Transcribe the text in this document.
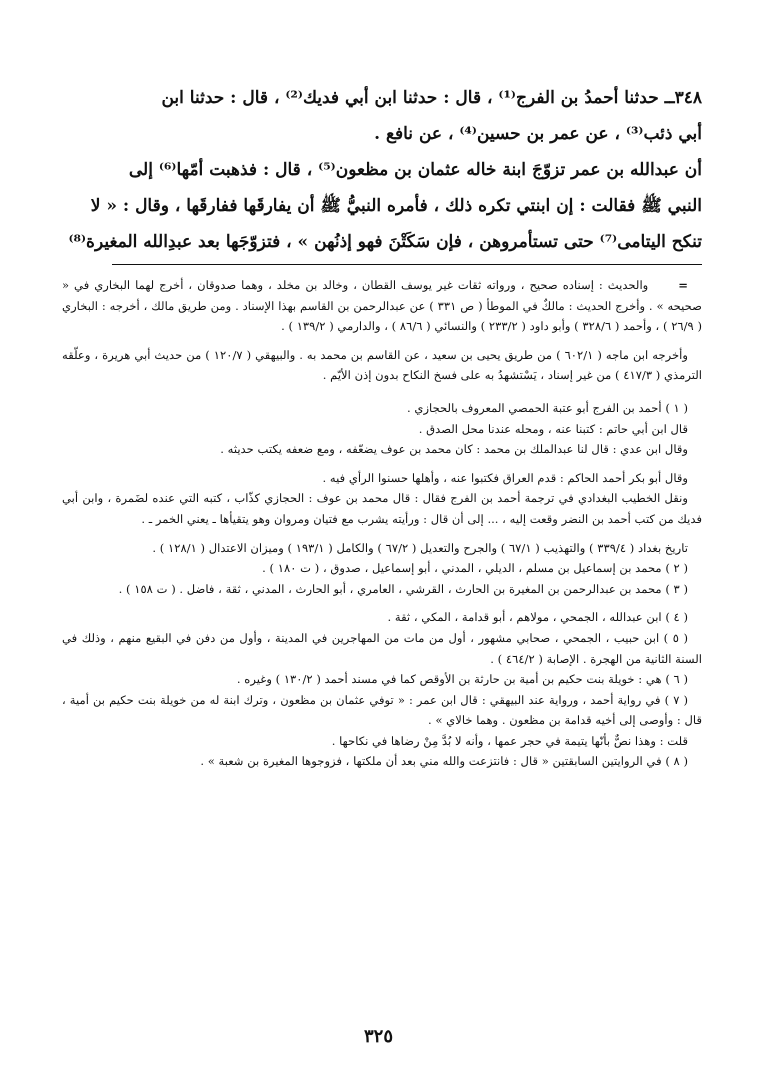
٣٤٨ــ حدثنا أحمدُ بن الفرج⁽¹⁾ ، قال : حدثنا ابن أبي فديك⁽²⁾ ، قال : حدثنا ابن

أبي ذئب⁽³⁾ ، عن عمر بن حسين⁽⁴⁾ ، عن نافع .

أن عبدالله بن عمر تزوّجَ ابنة خاله عثمان بن مظعون⁽⁵⁾ ، قال : فذهبت أمّها⁽⁶⁾ إلى

النبي ﷺ فقالت : إن ابنتي تكره ذلك ، فأمره النبيُّ ﷺ أن يفارقَها ففارقَها ، وقال : « لا

تنكح اليتامى⁽⁷⁾ حتى تستأمروهن ، فإن سَكَتْنَ فهو إذنُهن » ، فتزوّجَها بعد عبدِالله المغيرة⁽⁸⁾

=والحديث : إسناده صحيح ، ورواته ثقات غير يوسف القطان ، وخالد بن مخلد ، وهما صدوقان ، أخرج لهما البخاري في « صحيحه » . وأخرج الحديث : مالكٌ في الموطأ ( ص ٣٣١ ) عن عبدالرحمن بن القاسم بهذا الإسناد . ومن طريق مالك ، أخرجه : البخاري ( ٢٦/٩ ) ، وأحمد ( ٣٢٨/٦ ) وأبو داود ( ٢٣٣/٢ ) والنسائي ( ٨٦/٦ ) ، والدارمي ( ١٣٩/٢ ) .

وأخرجه ابن ماجه ( ٦٠٢/١ ) من طريق يحيى بن سعيد ، عن القاسم بن محمد به . والبيهقي ( ١٢٠/٧ ) من حديث أبي هريرة ، وعلّقه الترمذي ( ٤١٧/٣ ) من غير إسناد ، يَسْتشهدُ به على فسخ النكاح بدون إذن الأيّم .

( ١ ) أحمد بن الفرج أبو عتبة الحمصي المعروف بالحجازي .

قال ابن أبي حاتم : كتبنا عنه ، ومحله عندنا محل الصدق .

وقال ابن عدي : قال لنا عبدالملك بن محمد : كان محمد بن عوف يضعّفه ، ومع ضعفه يكتب حديثه .

وقال أبو بكر أحمد الحاكم : قدم العراق فكتبوا عنه ، وأهلها حسنوا الرأي فيه .

ونقل الخطيب البغدادي في ترجمة أحمد بن الفرج فقال : قال محمد بن عوف : الحجازي كذّاب ، كتبه التي عنده لضَمرة ، وابن أبي فديك من كتب أحمد بن النضر وقعت إليه ، ... إلى أن قال : ورأيته يشرب مع فتيان ومروان وهو يتقيأها ـ يعني الخمر ـ .

تاريخ بغداد ( ٣٣٩/٤ ) والتهذيب ( ٦٧/١ ) والجرح والتعديل ( ٦٧/٢ ) والكامل ( ١٩٣/١ ) وميزان الاعتدال ( ١٢٨/١ ) .

( ٢ ) محمد بن إسماعيل بن مسلم ، الديلي ، المدني ، أبو إسماعيل ، صدوق ، ( ت ١٨٠ ) .

( ٣ ) محمد بن عبدالرحمن بن المغيرة بن الحارث ، القرشي ، العامري ، أبو الحارث ، المدني ، ثقة ، فاضل . ( ت ١٥٨ ) .

( ٤ ) ابن عبدالله ، الجمحي ، مولاهم ، أبو قدامة ، المكي ، ثقة .

( ٥ ) ابن حبيب ، الجمحي ، صحابي مشهور ، أول من مات من المهاجرين في المدينة ، وأول من دفن في البقيع منهم ، وذلك في السنة الثانية من الهجرة . الإصابة ( ٤٦٤/٢ ) .

( ٦ ) هي : خويلة بنت حكيم بن أمية بن حارثة بن الأوقص كما في مسند أحمد ( ١٣٠/٢ ) وغيره .

( ٧ ) في رواية أحمد ، ورواية عند البيهقي : قال ابن عمر : « توفي عثمان بن مظعون ، وترك ابنة له من خويلة بنت حكيم بن أمية ، قال : وأوصى إلى أخيه قدامة بن مظعون . وهما خالاي » .

قلت : وهذا نصٌّ بأنّها يتيمة في حجر عمها ، وأنه لا بُدَّ مِنْ رضاها في نكاحها .

( ٨ ) في الروايتين السابقتين « قال : فانتزعت والله مني بعد أن ملكتها ، فزوجوها المغيرة بن شعبة » .

٣٢٥
